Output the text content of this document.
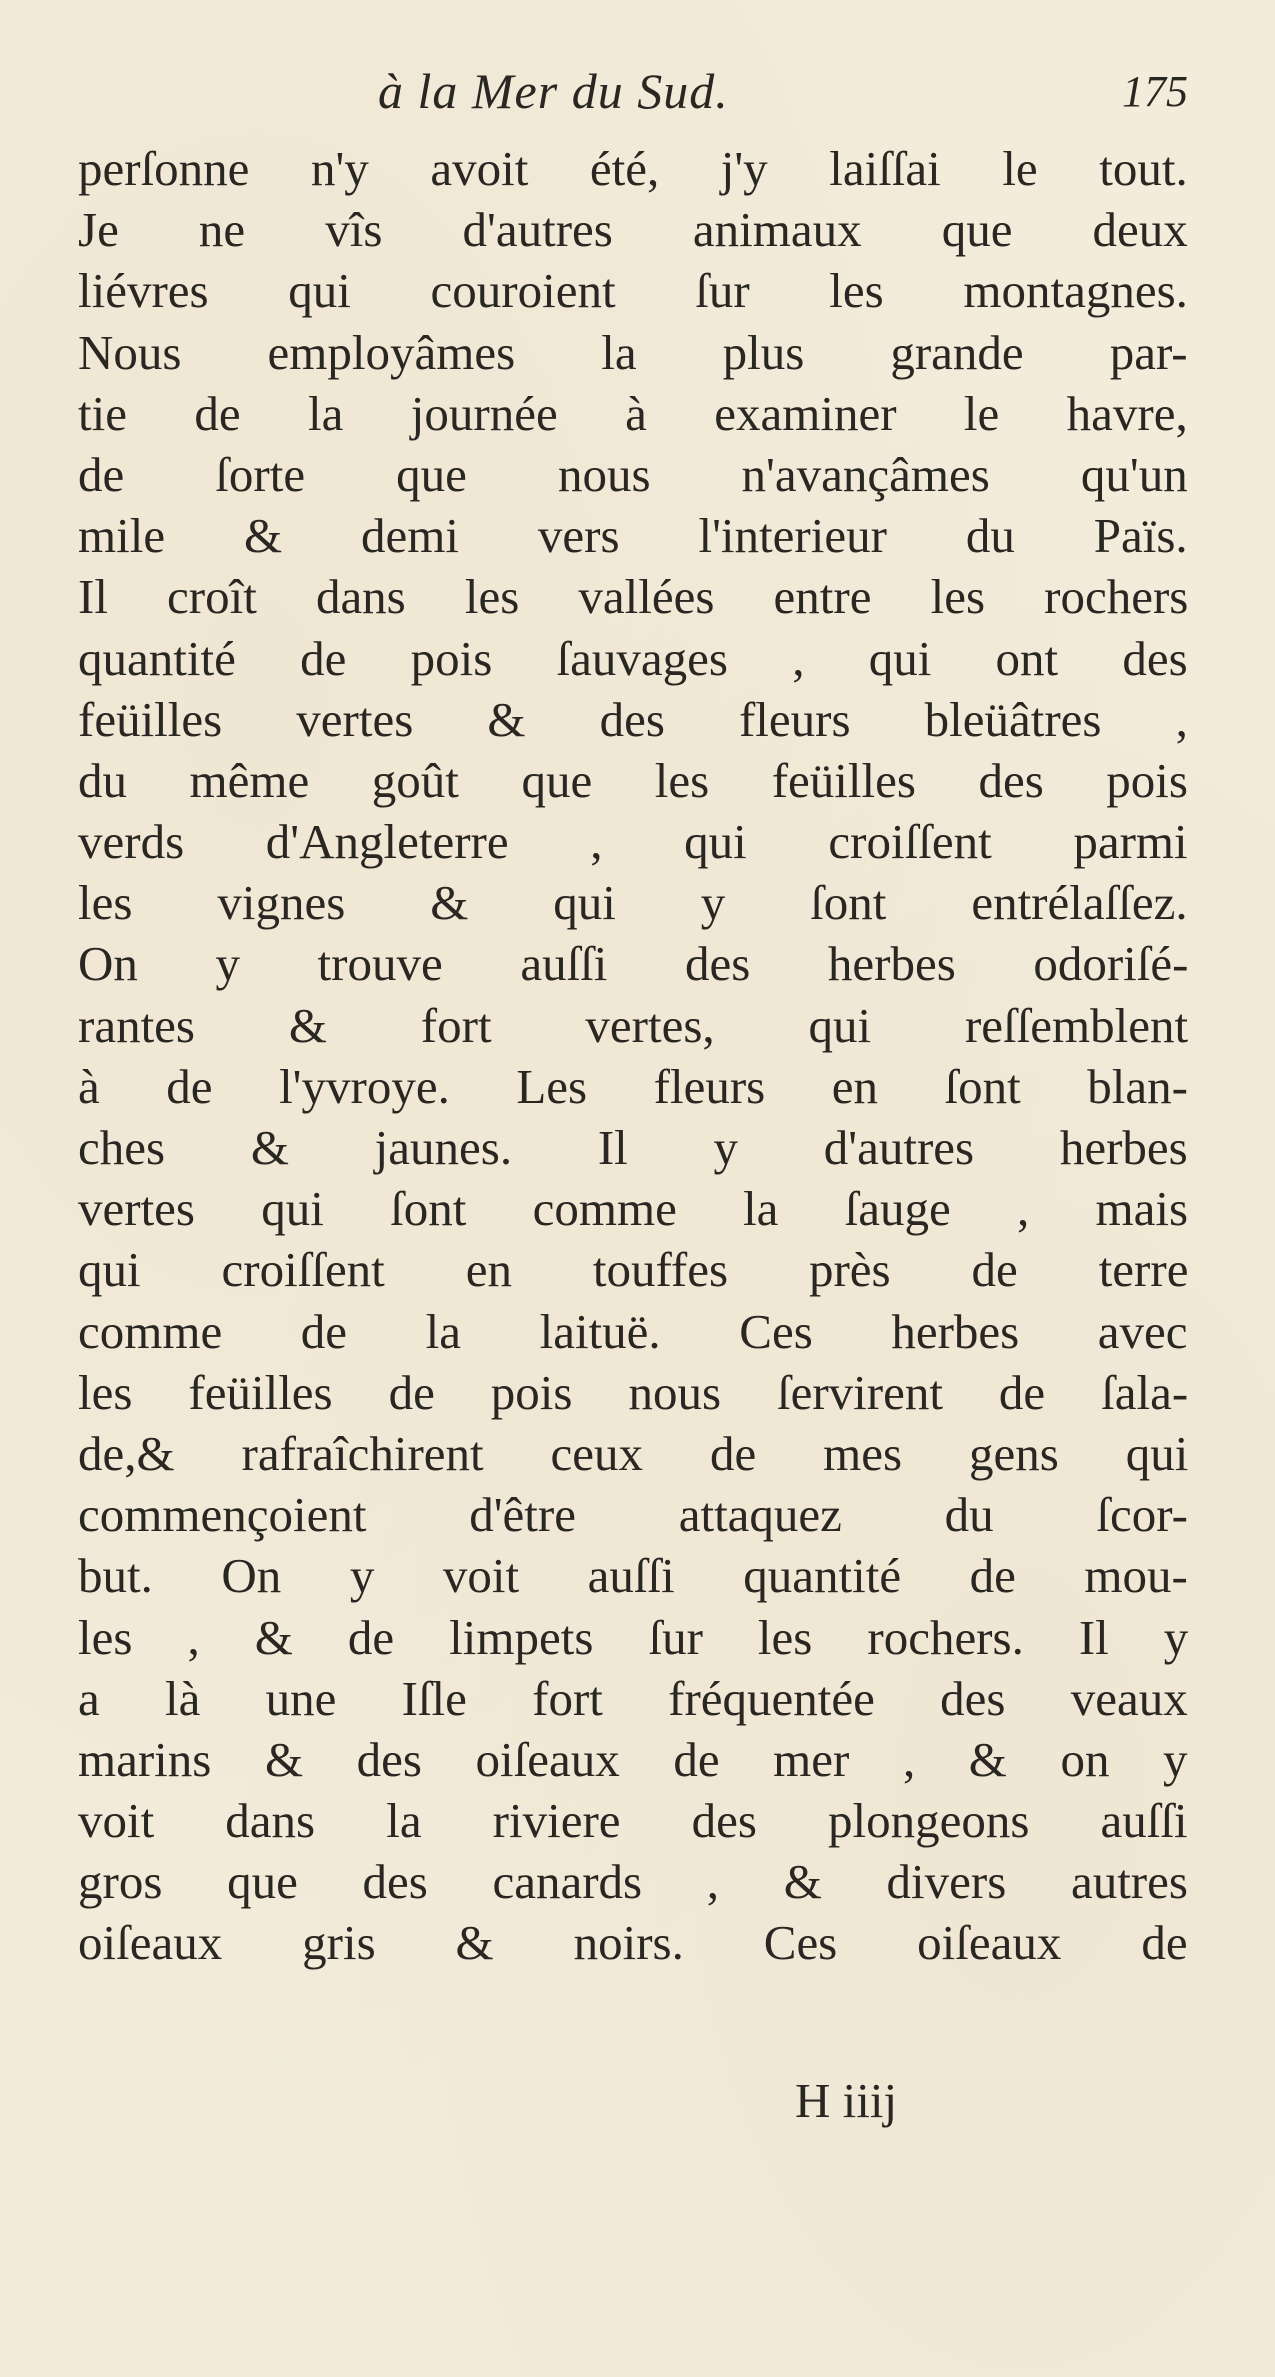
à la Mer du Sud.	175
perſonne n'y avoit été, j'y laiſſai le tout.
Je ne vîs d'autres animaux que deux
liévres qui couroient ſur les montagnes.
Nous employâmes la plus grande par-
tie de la journée à examiner le havre,
de ſorte que nous n'avançâmes qu'un
mile & demi vers l'interieur du Païs.
Il croît dans les vallées entre les rochers
quantité de pois ſauvages , qui ont des
feüilles vertes & des fleurs bleüâtres ,
du même goût que les feüilles des pois
verds d'Angleterre , qui croiſſent parmi
les vignes & qui y ſont entrélaſſez.
On y trouve auſſi des herbes odoriſé-
rantes & fort vertes, qui reſſemblent
à de l'yvroye. Les fleurs en ſont blan-
ches & jaunes. Il y d'autres herbes
vertes qui ſont comme la ſauge , mais
qui croiſſent en touffes près de terre
comme de la laituë. Ces herbes avec
les feüilles de pois nous ſervirent de ſala-
de,& rafraîchirent ceux de mes gens qui
commençoient d'être attaquez du ſcor-
but. On y voit auſſi quantité de mou-
les , & de limpets ſur les rochers. Il y
a là une Iſle fort fréquentée des veaux
marins & des oiſeaux de mer , & on y
voit dans la riviere des plongeons auſſi
gros que des canards , & divers autres
oiſeaux gris & noirs. Ces oiſeaux de
H iiij
